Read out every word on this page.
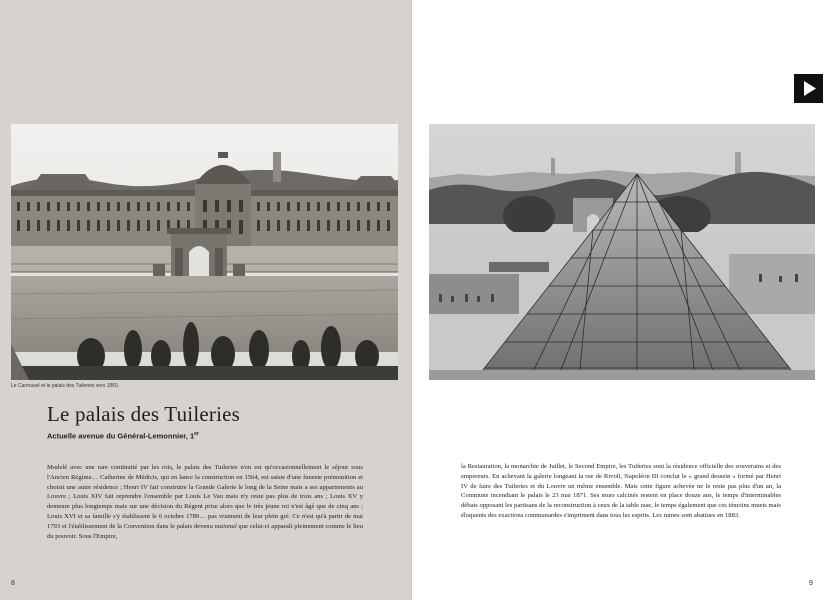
Le Carrousel et le palais des Tuileries vers 1860.
Le palais des Tuileries
Actuelle avenue du Général-Lemonnier, 1er

Modelé avec une rare continuité par les rois, le palais des Tuileries n'en est qu'occasionnellement le séjour sous l'Ancien Régime… Catherine de Médicis, qui en lance la construction en 1564, est saisie d'une funeste prémonition et choisit une autre résidence ; Henri IV fait construire la Grande Galerie le long de la Seine mais a ses appartements au Louvre ; Louis XIV fait reprendre l'ensemble par Louis Le Vau mais n'y reste pas plus de trois ans ; Louis XV y demeure plus longtemps mais sur une décision du Régent prise alors que le très jeune roi n'est âgé que de cinq ans ; Louis XVI et sa famille s'y établissent le 6 octobre 1789… pas vraiment de leur plein gré. Ce n'est qu'à partir de mai 1793 et l'établissement de la Convention dans le palais devenu national que celui-ci apparaît pleinement comme le lieu du pouvoir. Sous l'Empire,

8

la Restauration, la monarchie de Juillet, le Second Empire, les Tuileries sont la résidence officielle des souverains et des empereurs. En achevant la galerie longeant la rue de Rivoli, Napoléon III conclut le « grand dessein » formé par Henri IV de faire des Tuileries et du Louvre un même ensemble. Mais cette figure achevée ne le reste pas plus d'un an, la Commune incendiant le palais le 23 mai 1871. Ses murs calcinés restent en place douze ans, le temps d'interminables débats opposant les partisans de la reconstruction à ceux de la table rase, le temps également que ces témoins muets mais éloquents des exactions communardes s'impriment dans tous les esprits. Les ruines sont abattues en 1883.

9
